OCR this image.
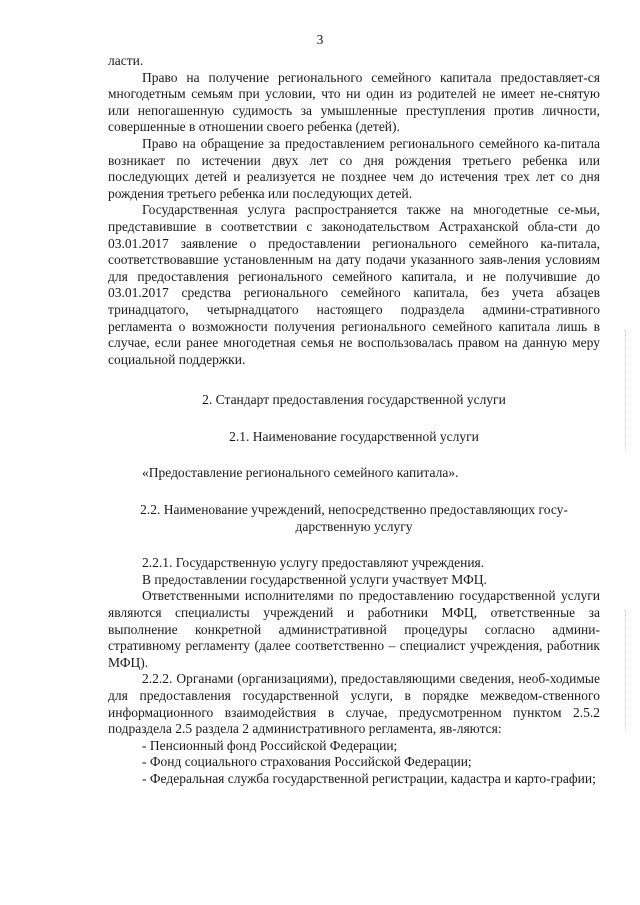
3

ласти.

Право на получение регионального семейного капитала предоставляет-ся многодетным семьям при условии, что ни один из родителей не имеет не-снятую или непогашенную судимость за умышленные преступления против личности, совершенные в отношении своего ребенка (детей).

Право на обращение за предоставлением регионального семейного ка-питала возникает по истечении двух лет со дня рождения третьего ребенка или последующих детей и реализуется не позднее чем до истечения трех лет со дня рождения третьего ребенка или последующих детей.

Государственная услуга распространяется также на многодетные се-мьи, представившие в соответствии с законодательством Астраханской обла-сти до 03.01.2017 заявление о предоставлении регионального семейного ка-питала, соответствовавшие установленным на дату подачи указанного заяв-ления условиям для предоставления регионального семейного капитала, и не получившие до 03.01.2017 средства регионального семейного капитала, без учета абзацев тринадцатого, четырнадцатого настоящего подраздела админи-стративного регламента о возможности получения регионального семейного капитала лишь в случае, если ранее многодетная семья не воспользовалась правом на данную меру социальной поддержки.

2. Стандарт предоставления государственной услуги

2.1. Наименование государственной услуги

«Предоставление регионального семейного капитала».

2.2. Наименование учреждений, непосредственно предоставляющих госу-дарственную услугу

2.2.1. Государственную услугу предоставляют учреждения.

В предоставлении государственной услуги участвует МФЦ.

Ответственными исполнителями по предоставлению государственной услуги являются специалисты учреждений и работники МФЦ, ответственные за выполнение конкретной административной процедуры согласно админи-стративному регламенту (далее соответственно – специалист учреждения, работник МФЦ).

2.2.2. Органами (организациями), предоставляющими сведения, необ-ходимые для предоставления государственной услуги, в порядке межведом-ственного информационного взаимодействия в случае, предусмотренном пунктом 2.5.2 подраздела 2.5 раздела 2 административного регламента, яв-ляются:

- Пенсионный фонд Российской Федерации;

- Фонд социального страхования Российской Федерации;

- Федеральная служба государственной регистрации, кадастра и карто-графии;
